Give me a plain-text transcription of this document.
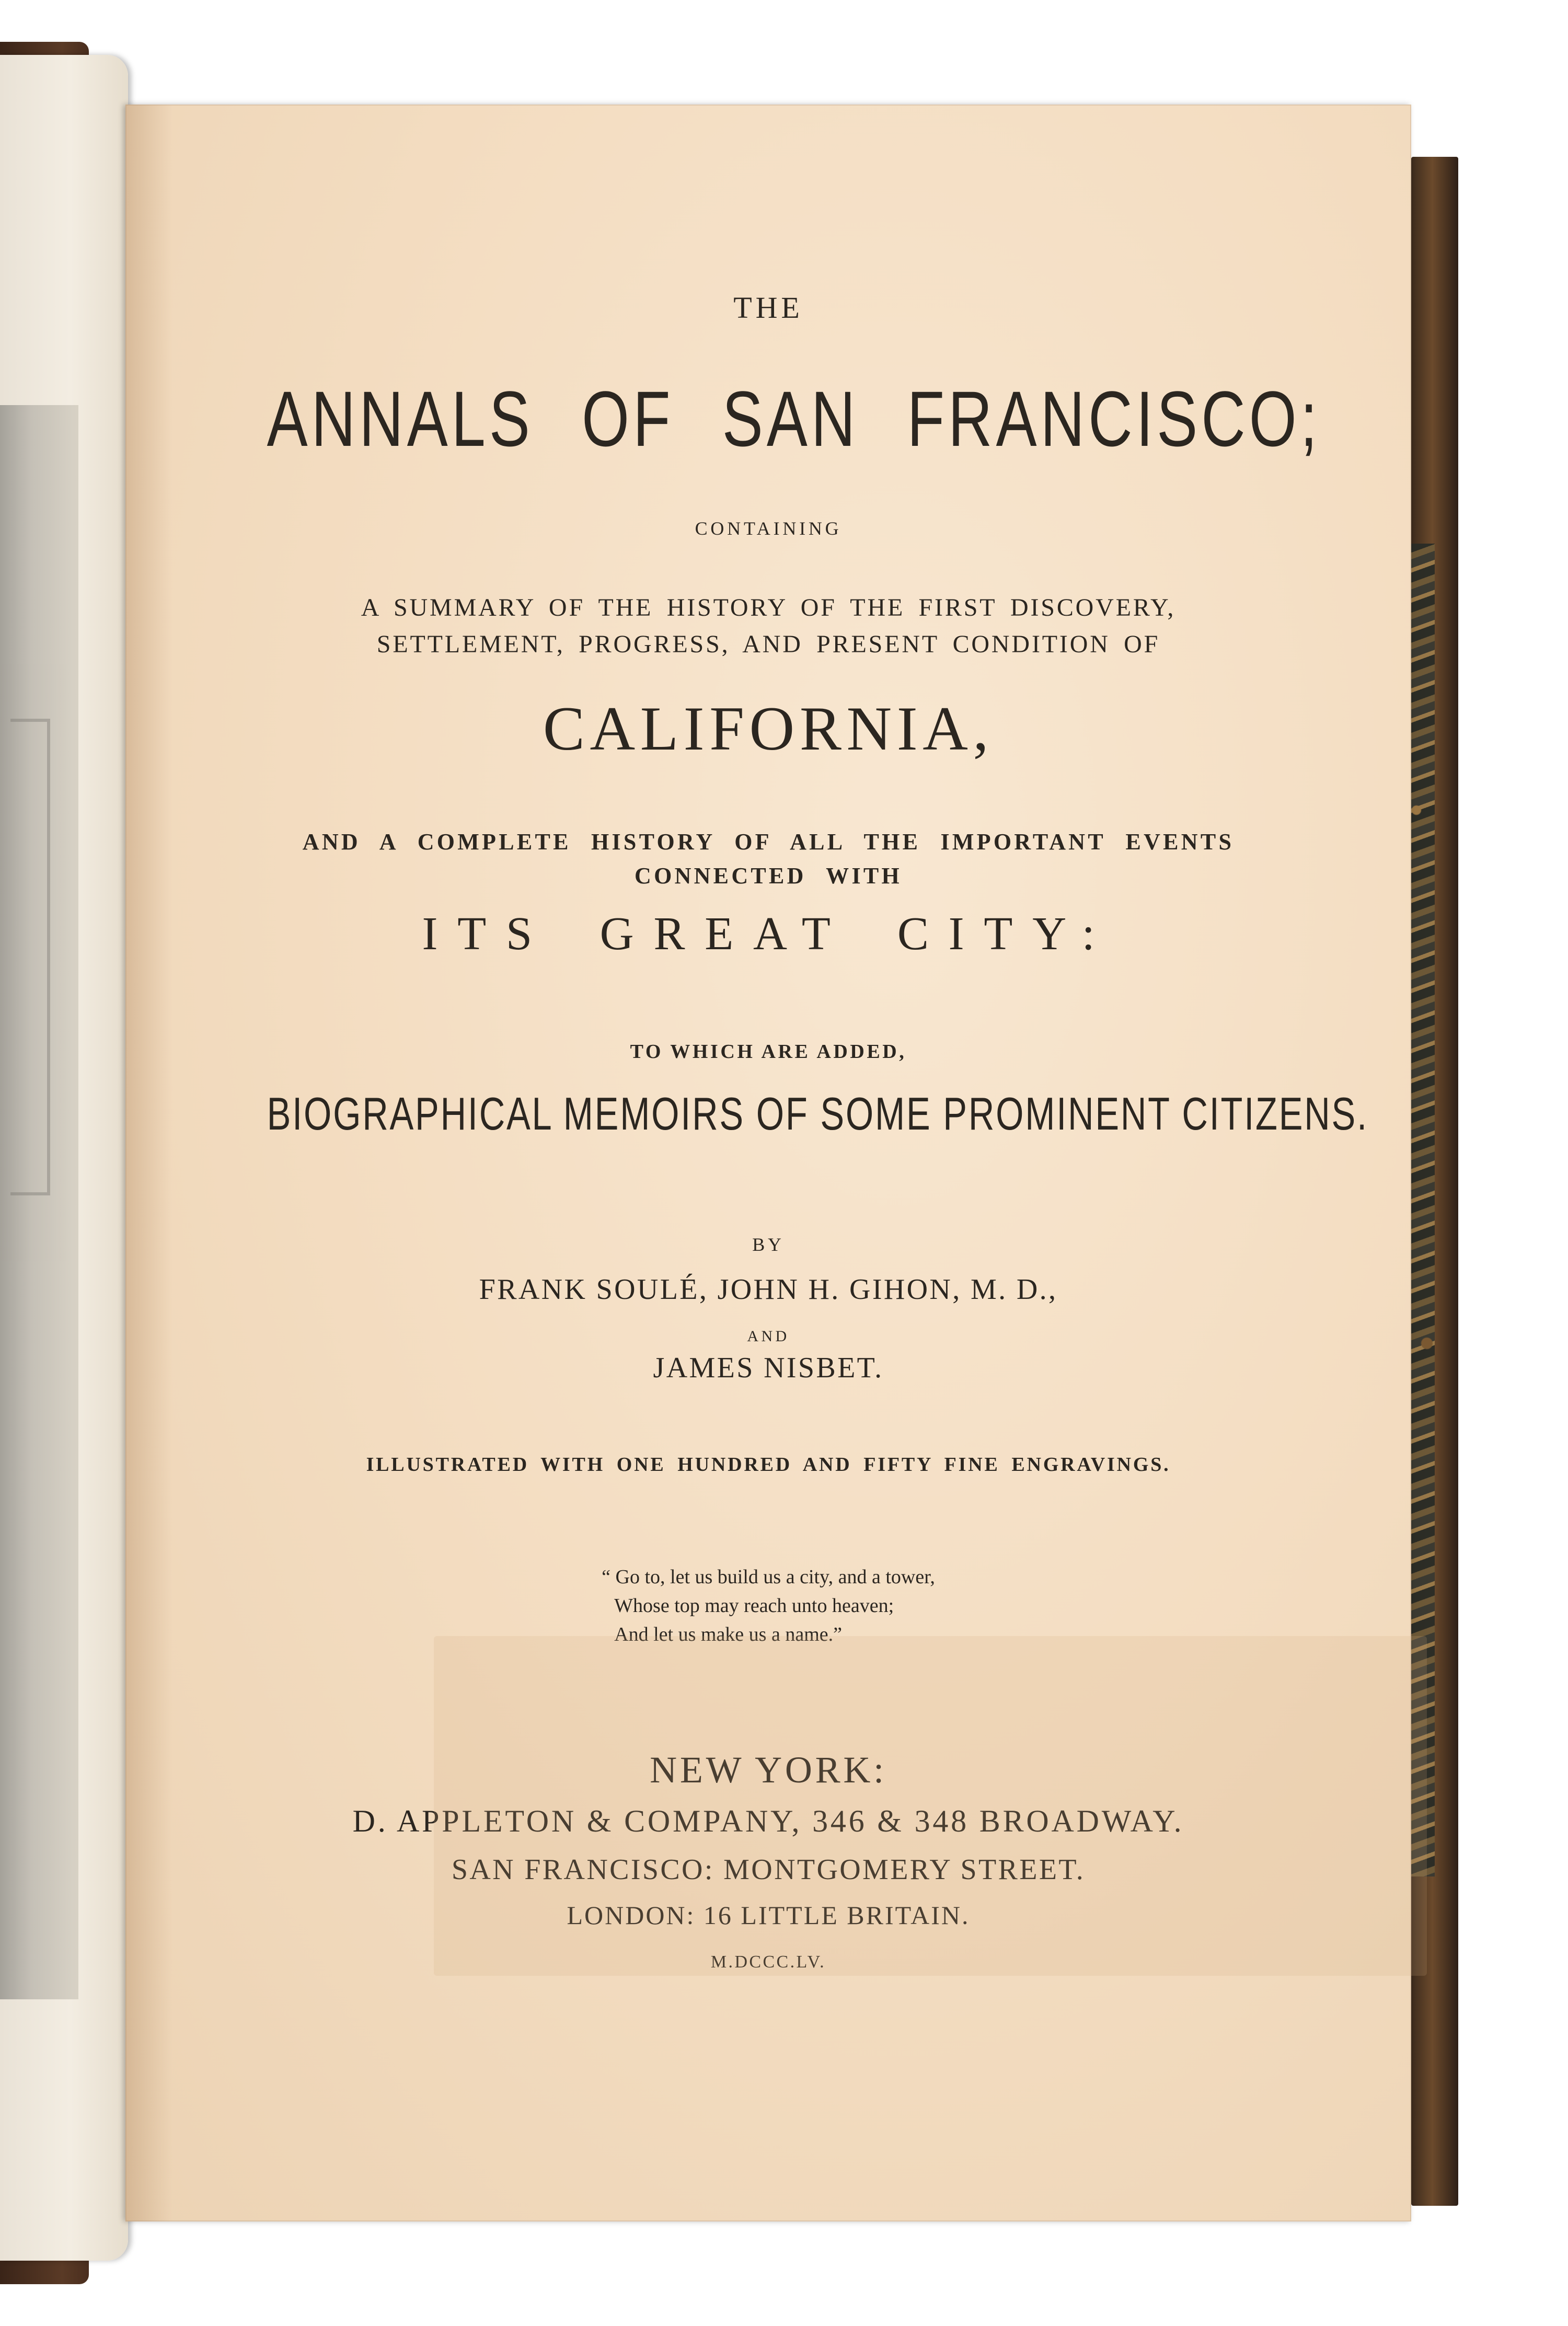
THE
ANNALS OF SAN FRANCISCO;
CONTAINING
A SUMMARY OF THE HISTORY OF THE FIRST DISCOVERY,
SETTLEMENT, PROGRESS, AND PRESENT CONDITION OF
CALIFORNIA,
AND A COMPLETE HISTORY OF ALL THE IMPORTANT EVENTS
CONNECTED WITH
ITS GREAT CITY:
TO WHICH ARE ADDED,
BIOGRAPHICAL MEMOIRS OF SOME PROMINENT CITIZENS.
BY
FRANK SOULÉ, JOHN H. GIHON, M. D.,
AND
JAMES NISBET.
ILLUSTRATED WITH ONE HUNDRED AND FIFTY FINE ENGRAVINGS.
“ Go to, let us build us a city, and a tower,
Whose top may reach unto heaven;
And let us make us a name.”
NEW YORK:
D. APPLETON & COMPANY, 346 & 348 BROADWAY.
SAN FRANCISCO: MONTGOMERY STREET.
LONDON: 16 LITTLE BRITAIN.
M.DCCC.LV.
